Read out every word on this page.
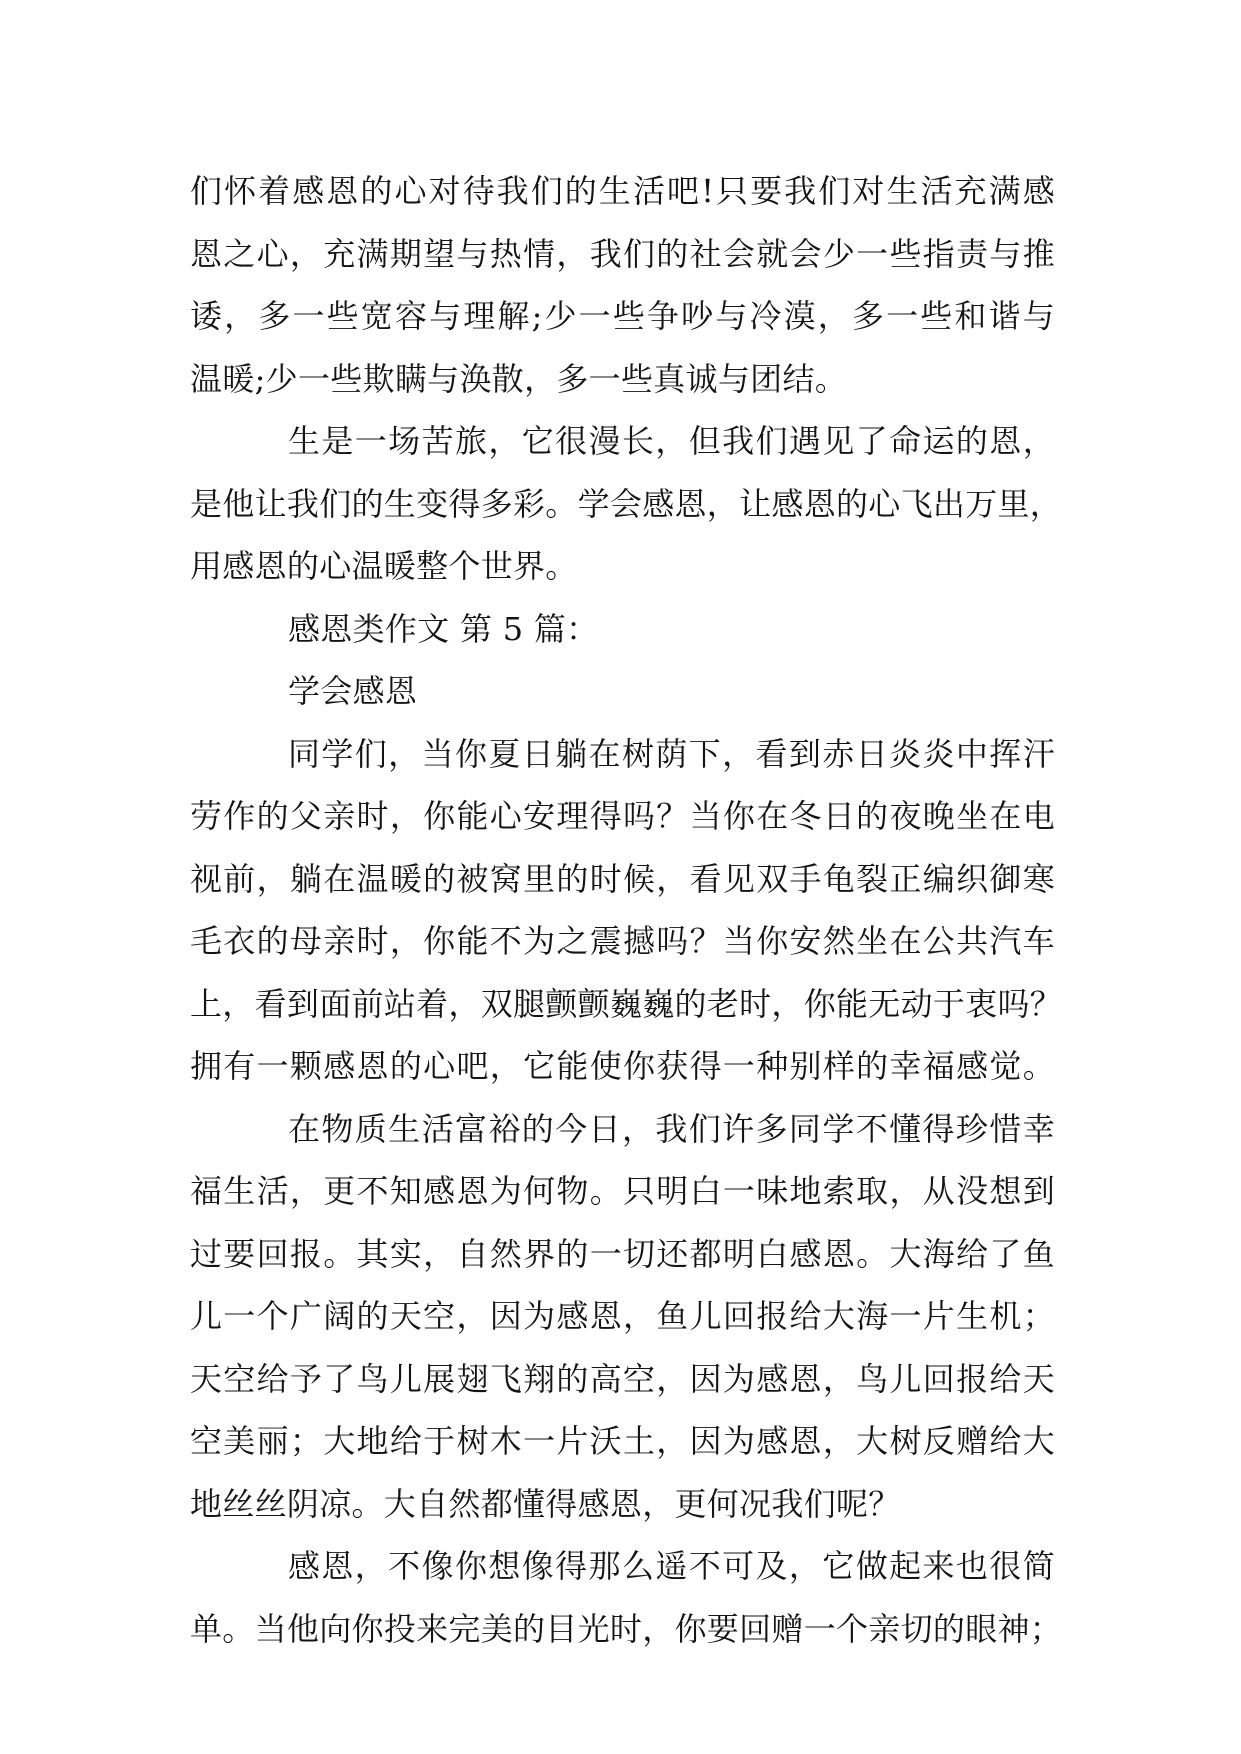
们怀着感恩的心对待我们的生活吧!只要我们对生活充满感
恩之心，充满期望与热情，我们的社会就会少一些指责与推
诿，多一些宽容与理解;少一些争吵与冷漠，多一些和谐与
温暖;少一些欺瞒与涣散，多一些真诚与团结。
生是一场苦旅，它很漫长，但我们遇见了命运的恩，
是他让我们的生变得多彩。学会感恩，让感恩的心飞出万里，
用感恩的心温暖整个世界。
感恩类作文 第 5 篇：
学会感恩
同学们，当你夏日躺在树荫下，看到赤日炎炎中挥汗
劳作的父亲时，你能心安理得吗？当你在冬日的夜晚坐在电
视前，躺在温暖的被窝里的时候，看见双手龟裂正编织御寒
毛衣的母亲时，你能不为之震撼吗？当你安然坐在公共汽车
上，看到面前站着，双腿颤颤巍巍的老时，你能无动于衷吗？
拥有一颗感恩的心吧，它能使你获得一种别样的幸福感觉。
在物质生活富裕的今日，我们许多同学不懂得珍惜幸
福生活，更不知感恩为何物。只明白一味地索取，从没想到
过要回报。其实，自然界的一切还都明白感恩。大海给了鱼
儿一个广阔的天空，因为感恩，鱼儿回报给大海一片生机；
天空给予了鸟儿展翅飞翔的高空，因为感恩，鸟儿回报给天
空美丽；大地给于树木一片沃土，因为感恩，大树反赠给大
地丝丝阴凉。大自然都懂得感恩，更何况我们呢？
感恩，不像你想像得那么遥不可及，它做起来也很简
单。当他向你投来完美的目光时，你要回赠一个亲切的眼神；
